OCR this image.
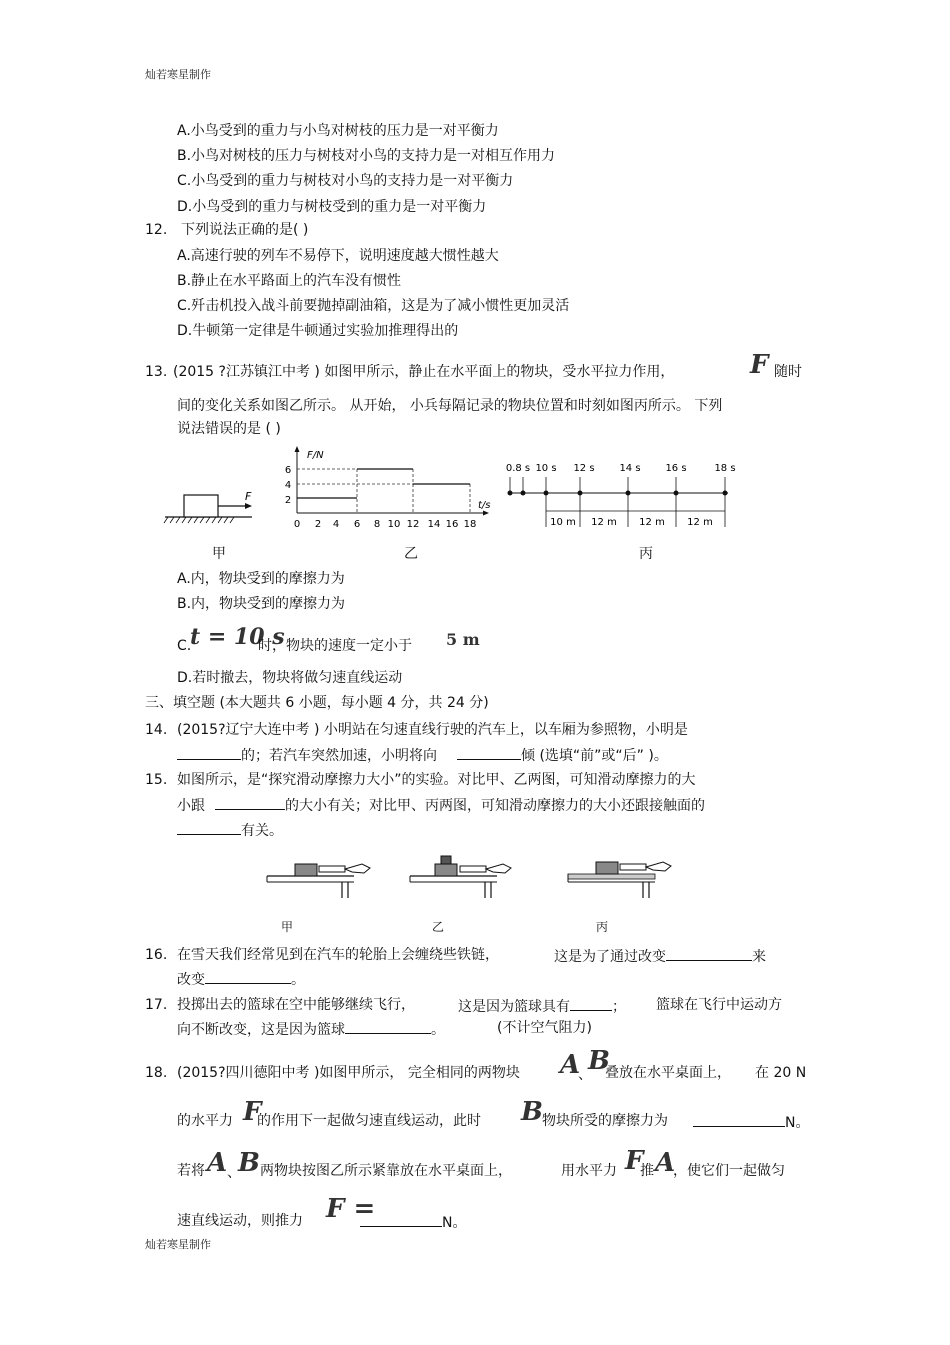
灿若寒星制作
A.小鸟受到的重力与小鸟对树枝的压力是一对平衡力
B.小鸟对树枝的压力与树枝对小鸟的支持力是一对相互作用力
C.小鸟受到的重力与树枝对小鸟的支持力是一对平衡力
D.小鸟受到的重力与树枝受到的重力是一对平衡力
12. 下列说法正确的是( )
A.高速行驶的列车不易停下，说明速度越大惯性越大
B.静止在水平路面上的汽车没有惯性
C.歼击机投入战斗前要抛掉副油箱，这是为了减小惯性更加灵活
D.牛顿第一定律是牛顿通过实验加推理得出的
13. (2015 ?江苏镇江中考 ) 如图甲所示，静止在水平面上的物块，受水平拉力作用，	F 随时
间的变化关系如图乙所示。 从开始， 小兵每隔记录的物块位置和时刻如图丙所示。 下列
说法错误的是 ( )
F
F/N
t/s
2
4
6
0 2 4 6 8 10 12 14 16 18
0.8 s 10 s 12 s 14 s 16 s	18 s
10 m 12 m 12 m 12 m
甲	乙	丙
A.内，物块受到的摩擦力为
B.内，物块受到的摩擦力为
C.
t = 10 s
时，物块的速度一定小于 5 m
D.若时撤去，物块将做匀速直线运动
三、填空题 (本大题共 6 小题，每小题 4 分，共 24 分)
14. (2015?辽宁大连中考 ) 小明站在匀速直线行驶的汽车上，以车厢为参照物，小明是
的；若汽车突然加速，小明将向	倾 (选填“前”或“后” )。
15. 如图所示，是“探究滑动摩擦力大小”的实验。对比甲、乙两图，可知滑动摩擦力的大
小跟	的大小有关；对比甲、丙两图，可知滑动摩擦力的大小还跟接触面的
有关。
甲	乙	丙
16. 在雪天我们经常见到在汽车的轮胎上会缠绕些铁链，	这是为了通过改变	来
改变	。
17. 投掷出去的篮球在空中能够继续飞行，	这是因为篮球具有	； 篮球在飞行中运动方
向不断改变，这是因为篮球	。	(不计空气阻力)
18. (2015?四川德阳中考 )如图甲所示， 完全相同的两物块 A
、
B
叠放在水平桌面上， 在 20 N
的水平力 F
的作用下一起做匀速直线运动，此时 B 物块所受的摩擦力为	N。
若将 A 、
B 两物块按图乙所示紧靠放在水平桌面上，	用水平力 F
推 A
，使它们一起做匀
速直线运动，则推力 F =	N。
灿若寒星制作
